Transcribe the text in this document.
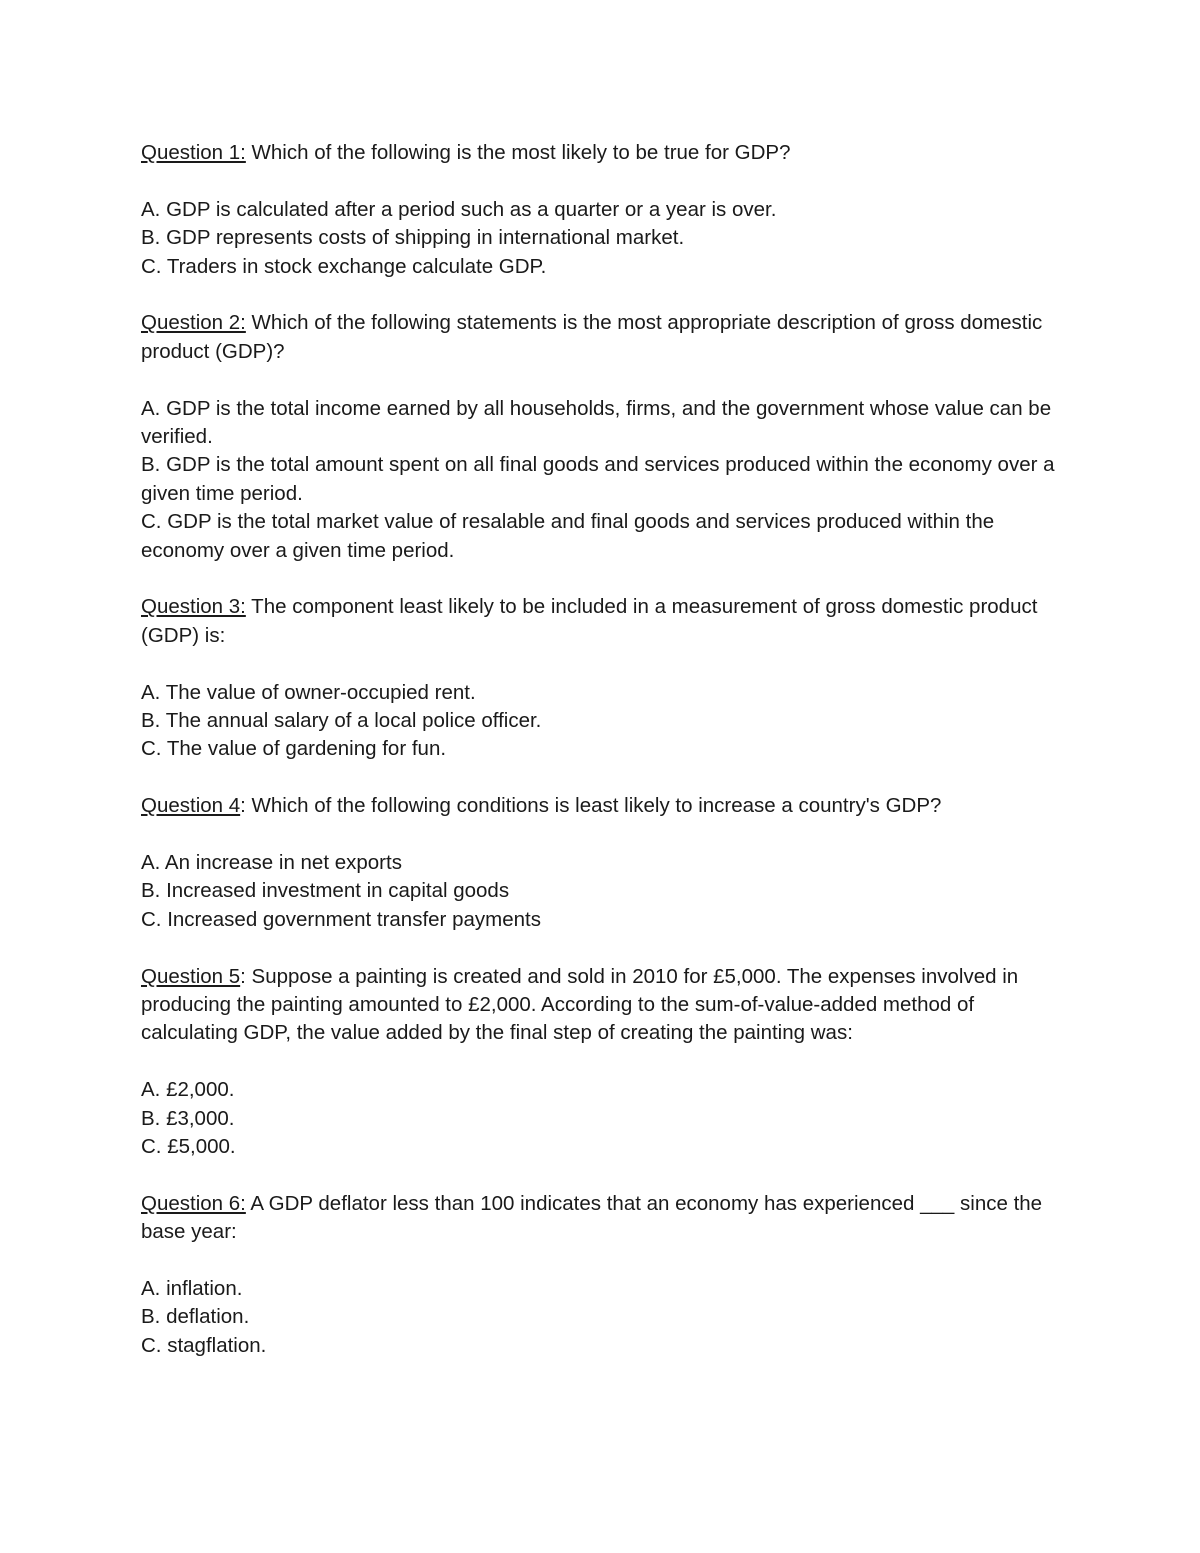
Question 1: Which of the following is the most likely to be true for GDP?

A. GDP is calculated after a period such as a quarter or a year is over.
B. GDP represents costs of shipping in international market.
C. Traders in stock exchange calculate GDP.

Question 2: Which of the following statements is the most appropriate description of gross domestic product (GDP)?

A. GDP is the total income earned by all households, firms, and the government whose value can be verified.
B. GDP is the total amount spent on all final goods and services produced within the economy over a given time period.
C. GDP is the total market value of resalable and final goods and services produced within the economy over a given time period.

Question 3: The component least likely to be included in a measurement of gross domestic product (GDP) is:

A. The value of owner-occupied rent.
B. The annual salary of a local police officer.
C. The value of gardening for fun.

Question 4: Which of the following conditions is least likely to increase a country's GDP?

A. An increase in net exports
B. Increased investment in capital goods
C. Increased government transfer payments

Question 5: Suppose a painting is created and sold in 2010 for £5,000. The expenses involved in producing the painting amounted to £2,000. According to the sum-of-value-added method of calculating GDP, the value added by the final step of creating the painting was:

A. £2,000.
B. £3,000.
C. £5,000.

Question 6: A GDP deflator less than 100 indicates that an economy has experienced ___ since the base year:

A. inflation.
B. deflation.
C. stagflation.
